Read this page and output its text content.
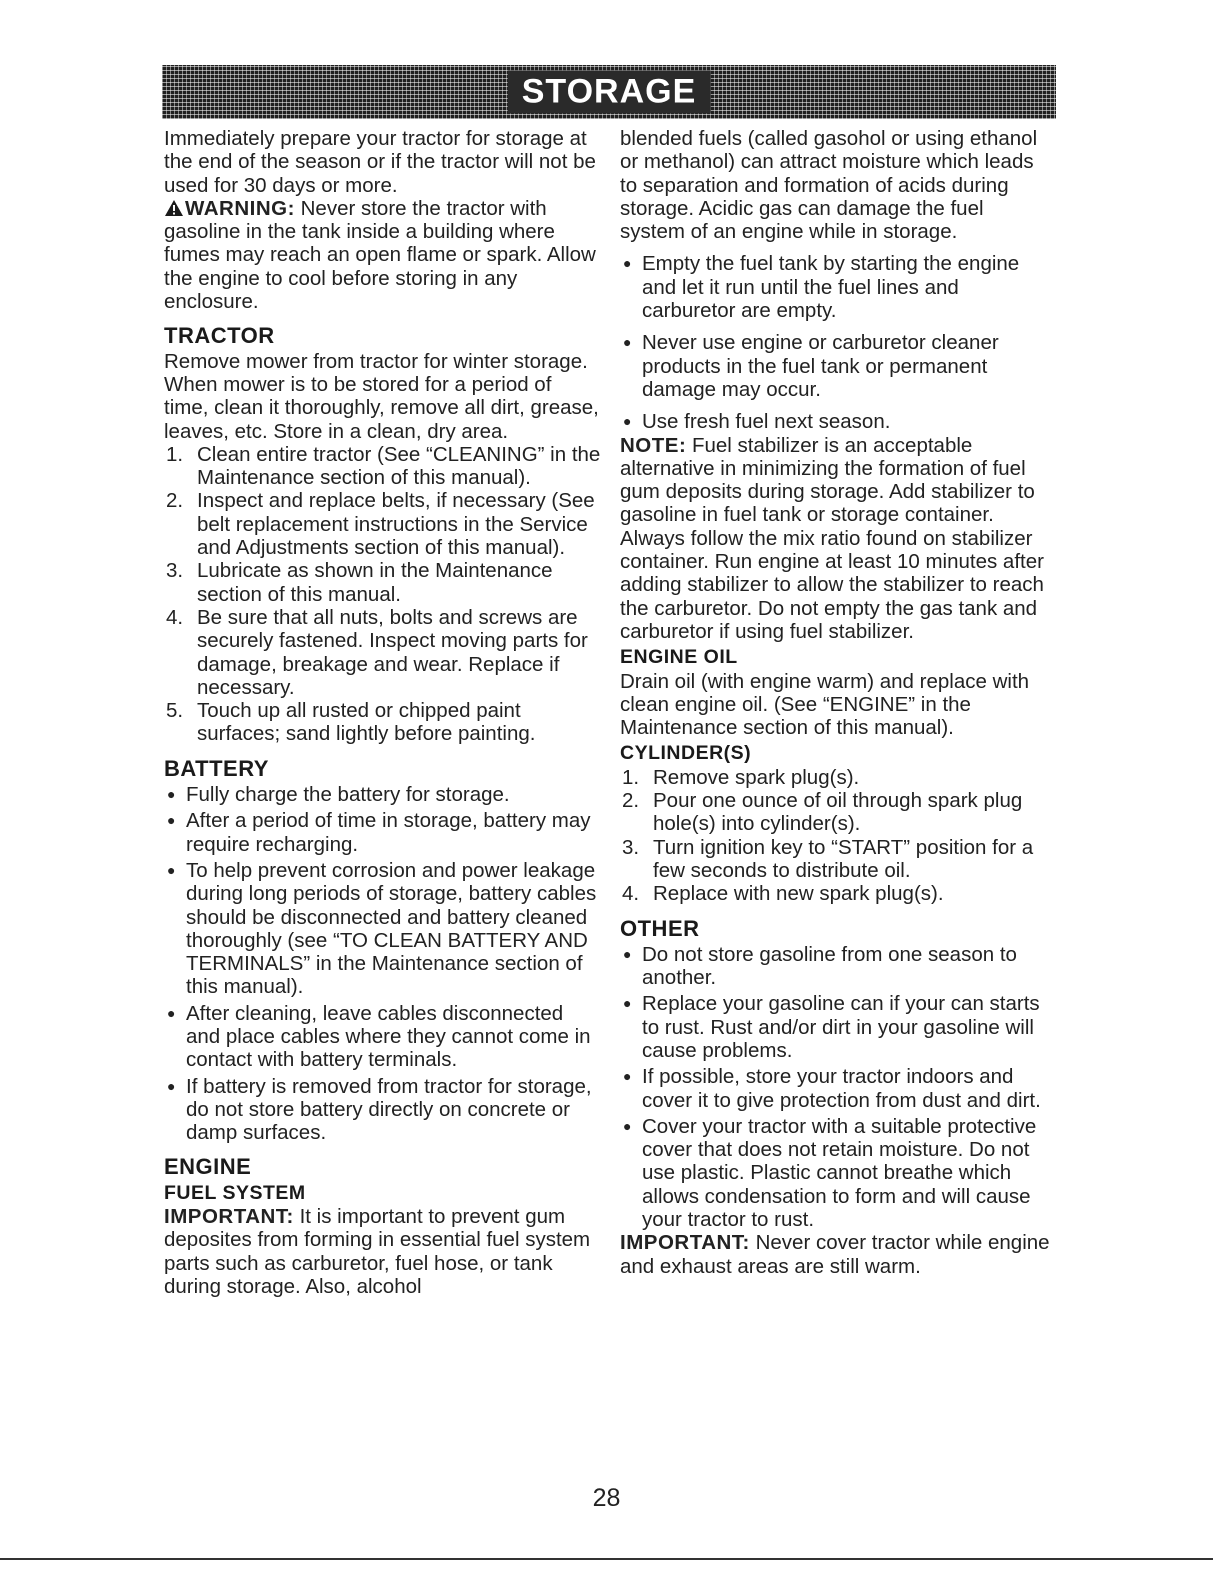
STORAGE

Immediately prepare your tractor for storage at the end of the season or if the tractor will not be used for 30 days or more.

WARNING: Never store the tractor with gasoline in the tank inside a building where fumes may reach an open flame or spark. Allow the engine to cool before storing in any enclosure.

TRACTOR

Remove mower from tractor for winter storage. When mower is to be stored for a period of time, clean it thoroughly, remove all dirt, grease, leaves, etc. Store in a clean, dry area.

1. Clean entire tractor (See “CLEANING” in the Maintenance section of this manual).
2. Inspect and replace belts, if necessary (See belt replacement instructions in the Service and Adjustments section of this manual).
3. Lubricate as shown in the Maintenance section of this manual.
4. Be sure that all nuts, bolts and screws are securely fastened. Inspect moving parts for damage, breakage and wear. Replace if necessary.
5. Touch up all rusted or chipped paint surfaces; sand lightly before painting.
BATTERY
● Fully charge the battery for storage.
● After a period of time in storage, battery may require recharging.
● To help prevent corrosion and power leakage during long periods of storage, battery cables should be disconnected and battery cleaned thoroughly (see “TO CLEAN BATTERY AND TERMINALS” in the Maintenance section of this manual).
● After cleaning, leave cables disconnected and place cables where they cannot come in contact with battery terminals.
● If battery is removed from tractor for storage, do not store battery directly on concrete or damp surfaces.
ENGINE
FUEL SYSTEM

IMPORTANT: It is important to prevent gum deposites from forming in essential fuel system parts such as carburetor, fuel hose, or tank during storage. Also, alcohol

blended fuels (called gasohol or using ethanol or methanol) can attract moisture which leads to separation and formation of acids during storage. Acidic gas can damage the fuel system of an engine while in storage.

● Empty the fuel tank by starting the engine and let it run until the fuel lines and carburetor are empty.
● Never use engine or carburetor cleaner products in the fuel tank or permanent damage may occur.
● Use fresh fuel next season.

NOTE: Fuel stabilizer is an acceptable alternative in minimizing the formation of fuel gum deposits during storage. Add stabilizer to gasoline in fuel tank or storage container. Always follow the mix ratio found on stabilizer container. Run engine at least 10 minutes after adding stabilizer to allow the stabilizer to reach the carburetor. Do not empty the gas tank and carburetor if using fuel stabilizer.

ENGINE OIL

Drain oil (with engine warm) and replace with clean engine oil. (See “ENGINE” in the Maintenance section of this manual).

CYLINDER(S)
1. Remove spark plug(s).
2. Pour one ounce of oil through spark plug hole(s) into cylinder(s).
3. Turn ignition key to “START” position for a few seconds to distribute oil.
4. Replace with new spark plug(s).
OTHER
● Do not store gasoline from one season to another.
● Replace your gasoline can if your can starts to rust. Rust and/or dirt in your gasoline will cause problems.
● If possible, store your tractor indoors and cover it to give protection from dust and dirt.
● Cover your tractor with a suitable protective cover that does not retain moisture. Do not use plastic. Plastic cannot breathe which allows condensation to form and will cause your tractor to rust.

IMPORTANT: Never cover tractor while engine and exhaust areas are still warm.

28
